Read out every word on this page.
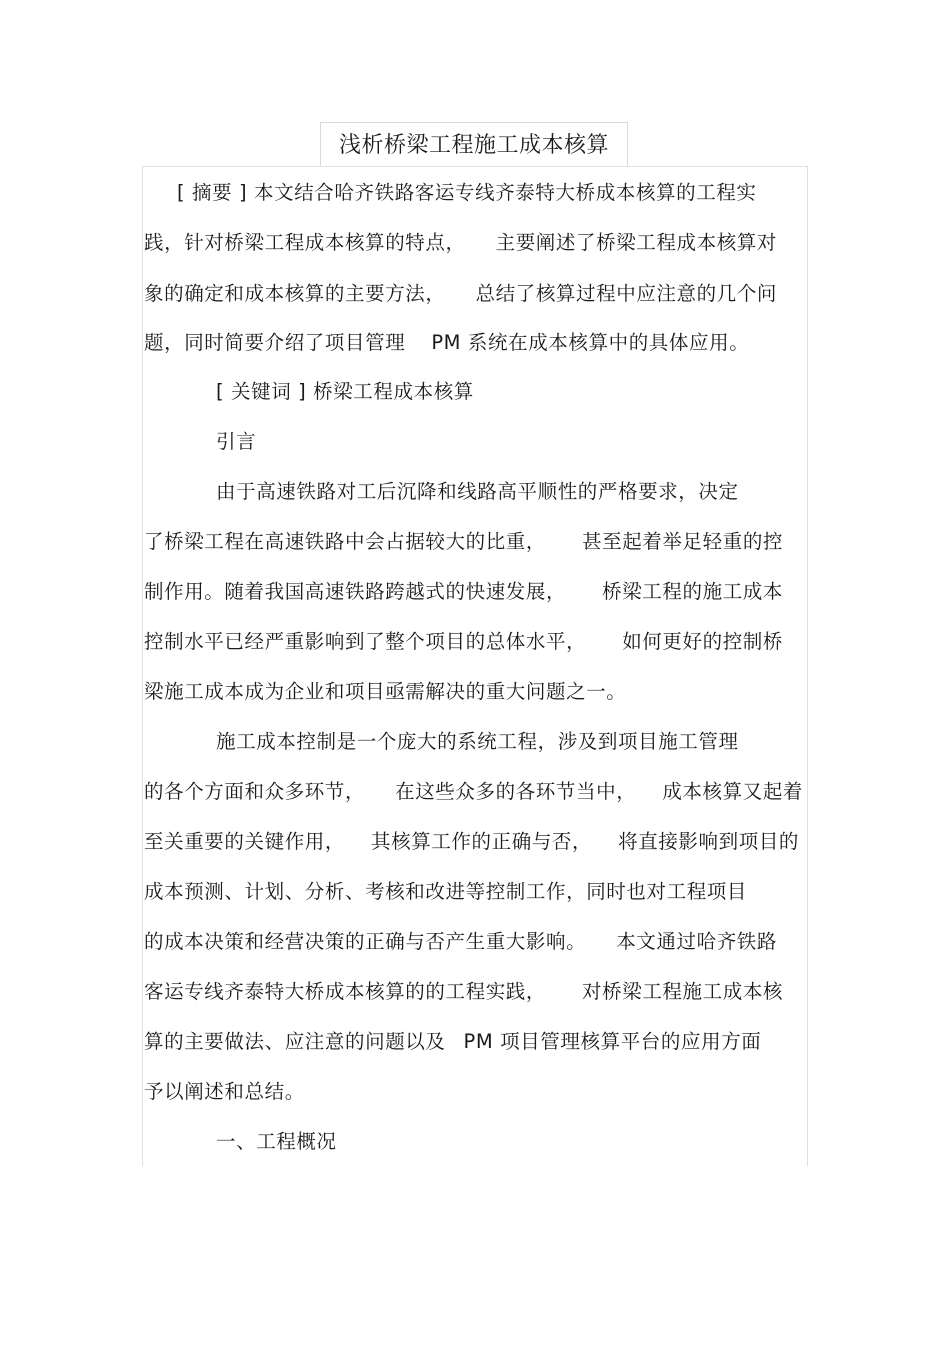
浅析桥梁工程施工成本核算
[ 摘要 ] 本文结合哈齐铁路客运专线齐泰特大桥成本核算的工程实
践，针对桥梁工程成本核算的特点， 主要阐述了桥梁工程成本核算对
象的确定和成本核算的主要方法， 总结了核算过程中应注意的几个问
题，同时简要介绍了项目管理 PM 系统在成本核算中的具体应用。
[ 关键词 ] 桥梁工程成本核算
引言
由于高速铁路对工后沉降和线路高平顺性的严格要求，决定
了桥梁工程在高速铁路中会占据较大的比重， 甚至起着举足轻重的控
制作用。随着我国高速铁路跨越式的快速发展， 桥梁工程的施工成本
控制水平已经严重影响到了整个项目的总体水平， 如何更好的控制桥
梁施工成本成为企业和项目亟需解决的重大问题之一。
施工成本控制是一个庞大的系统工程，涉及到项目施工管理
的各个方面和众多环节， 在这些众多的各环节当中， 成本核算又起着
至关重要的关键作用， 其核算工作的正确与否， 将直接影响到项目的
成本预测、计划、分析、考核和改进等控制工作，同时也对工程项目
的成本决策和经营决策的正确与否产生重大影响。 本文通过哈齐铁路
客运专线齐泰特大桥成本核算的的工程实践， 对桥梁工程施工成本核
算的主要做法、应注意的问题以及 PM 项目管理核算平台的应用方面
予以阐述和总结。
一、工程概况
